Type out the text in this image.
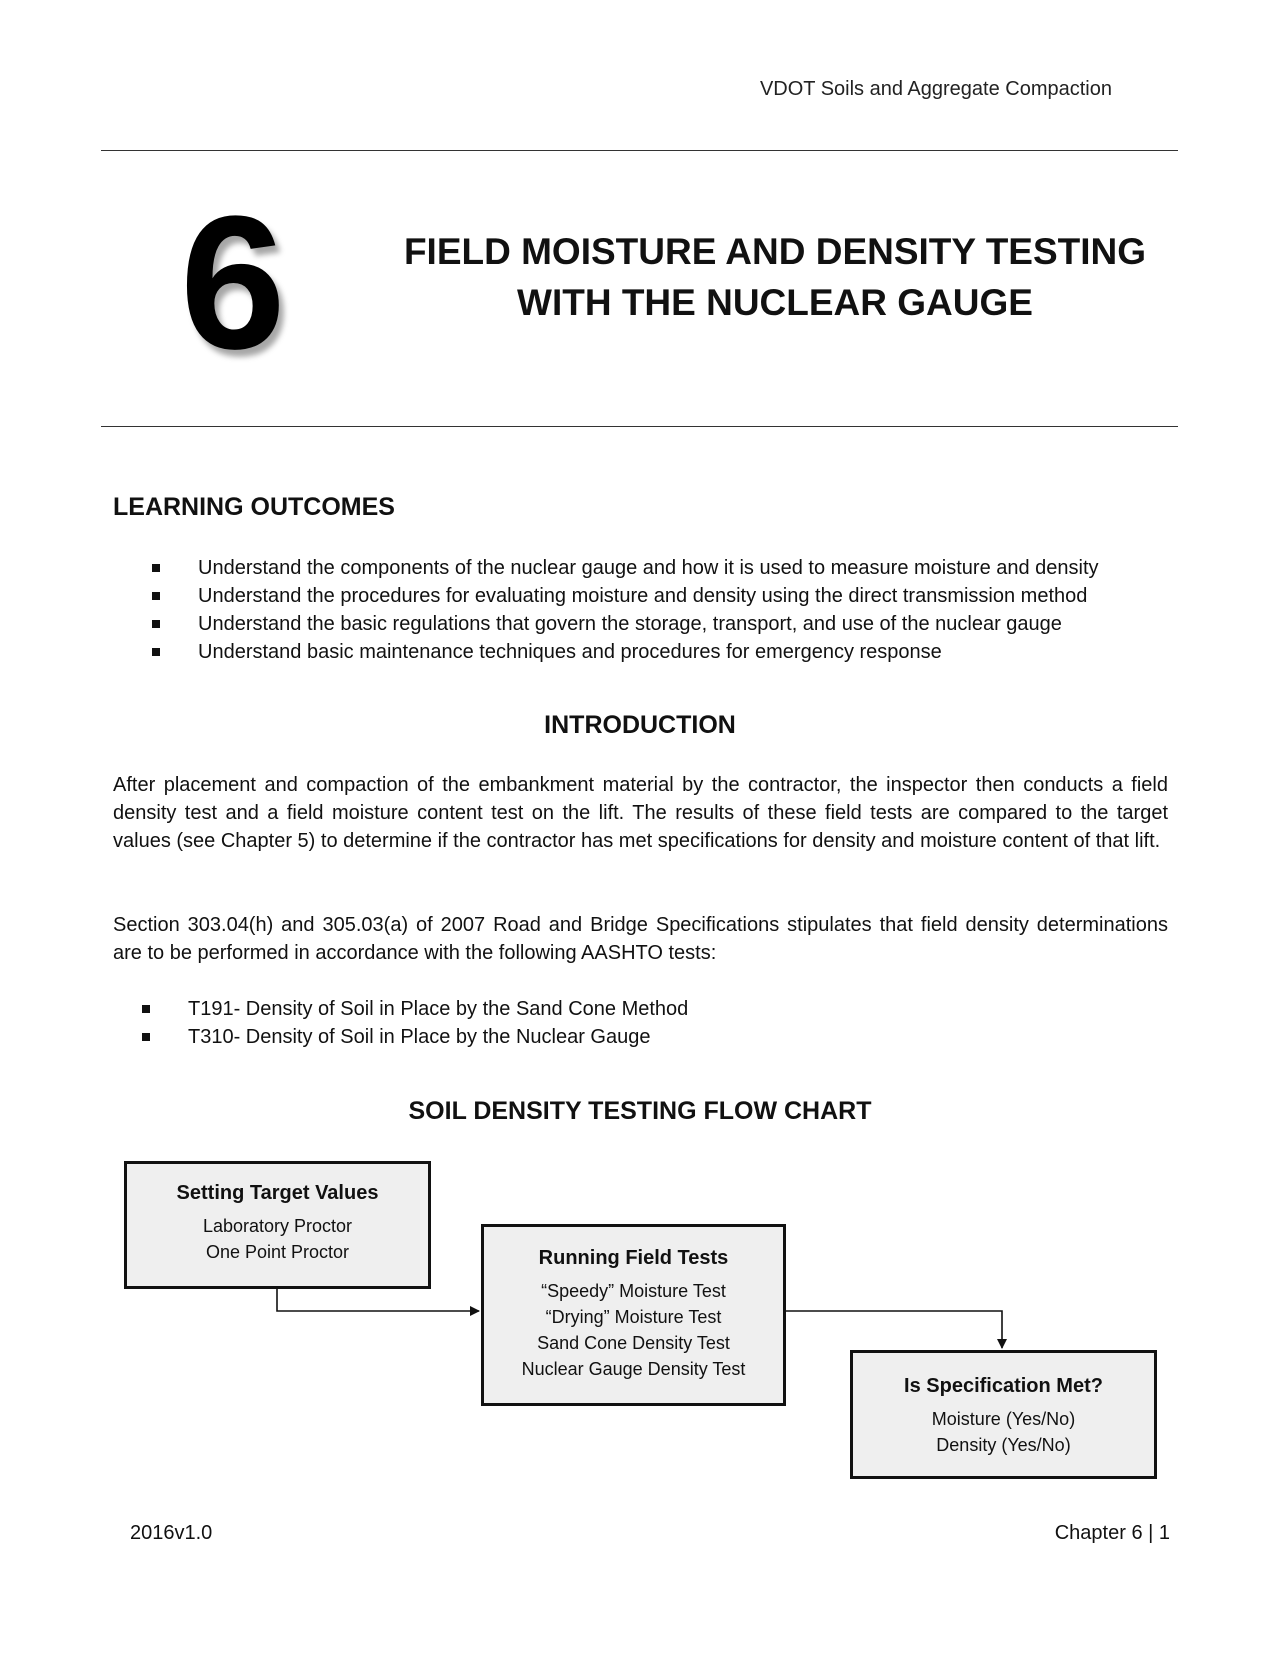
VDOT Soils and Aggregate Compaction
6	FIELD MOISTURE AND DENSITY TESTING
WITH THE NUCLEAR GAUGE
LEARNING OUTCOMES
Understand the components of the nuclear gauge and how it is used to measure moisture and density
Understand the procedures for evaluating moisture and density using the direct transmission method
Understand the basic regulations that govern the storage, transport, and use of the nuclear gauge
Understand basic maintenance techniques and procedures for emergency response
INTRODUCTION
After placement and compaction of the embankment material by the contractor, the inspector then conducts a field density test and a field moisture content test on the lift. The results of these field tests are compared to the target values (see Chapter 5) to determine if the contractor has met specifications for density and moisture content of that lift.
Section 303.04(h) and 305.03(a) of 2007 Road and Bridge Specifications stipulates that field density determinations are to be performed in accordance with the following AASHTO tests:
T191- Density of Soil in Place by the Sand Cone Method
T310- Density of Soil in Place by the Nuclear Gauge
SOIL DENSITY TESTING FLOW CHART
Setting Target Values
Laboratory Proctor
One Point Proctor	Running Field Tests
“Speedy” Moisture Test
“Drying” Moisture Test
Sand Cone Density Test
Nuclear Gauge Density Test
Is Specification Met?
Moisture (Yes/No)
Density (Yes/No)
2016v1.0	Chapter 6 | 1
